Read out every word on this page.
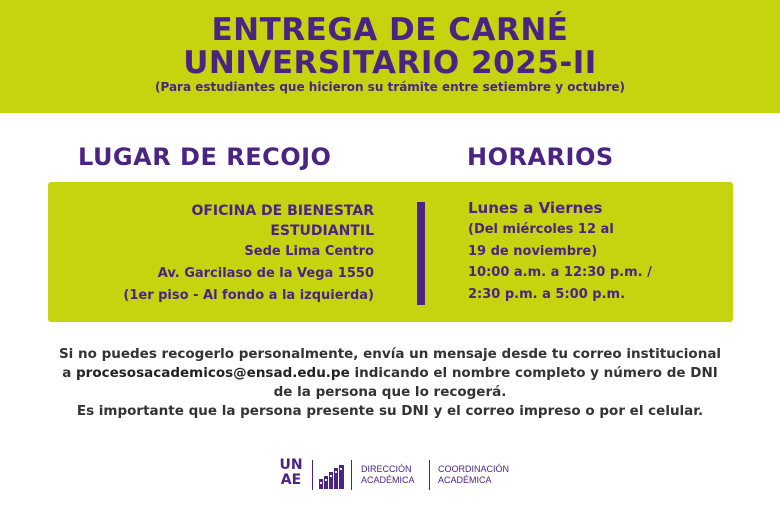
ENTREGA DE CARNÉ
UNIVERSITARIO 2025-II

(Para estudiantes que hicieron su trámite entre setiembre y octubre)

LUGAR DE RECOJO	HORARIOS
OFICINA DE BIENESTAR
ESTUDIANTIL
Sede Lima Centro
Av. Garcilaso de la Vega 1550
(1er piso - Al fondo a la izquierda)
Lunes a Viernes
(Del miércoles 12 al
19 de noviembre)
10:00 a.m. a 12:30 p.m. /
2:30 p.m. a 5:00 p.m.
Si no puedes recogerlo personalmente, envía un mensaje desde tu correo institucional
a procesosacademicos@ensad.edu.pe indicando el nombre completo y número de DNI
de la persona que lo recogerá.
Es importante que la persona presente su DNI y el correo impreso o por el celular.
UN
AE
DIRECCIÓN
ACADÉMICA
COORDINACIÓN
ACADÉMICA
